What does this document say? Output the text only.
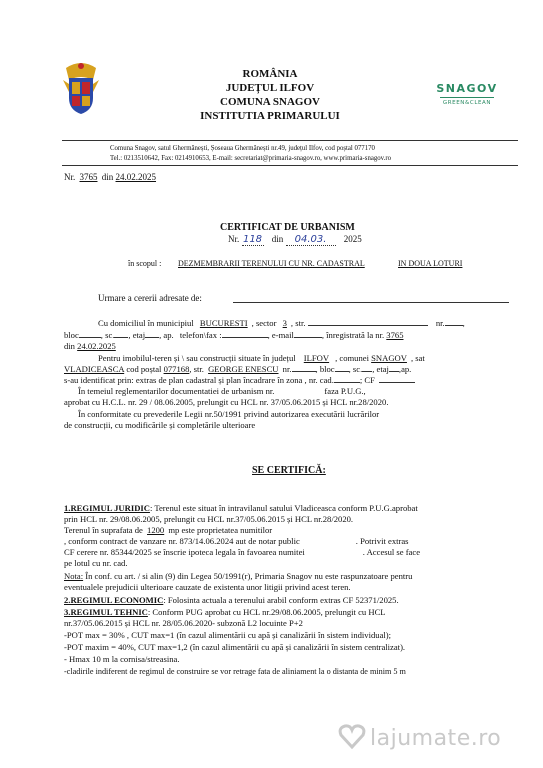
ROMÂNIA
JUDEȚUL ILFOV
COMUNA SNAGOV
INSTITUTIA PRIMARULUI
SNAGOV
GREEN&CLEAN
Comuna Snagov, satul Ghermănești, Șoseaua Ghermănești nr.49, județul Ilfov, cod poștal 077170
Tel.: 0213510642, Fax: 0214910653, E-mail: secretariat@primaria-snagov.ro, www.primaria-snagov.ro
Nr. 3765 din 24.02.2025
CERTIFICAT DE URBANISM
Nr. 118 din 04.03. 2025
în scopul : DEZMEMBRARII TERENULUI CU NR. CADASTRAL	IN DOUA LOTURI
Urmare a cererii adresate de:
Cu domiciliul în municipiul BUCURESTI , sector 3 , str.	nr. ,
bloc	, sc. , etaj , ap. telefon\fax :	, e-mail	, înregistrată la nr. 3765
din 24.02.2025
Pentru imobilul-teren și \ sau construcții situate în județul ILFOV , comunei SNAGOV , sat
VLADICEASCA cod poștal 077168, str. GEORGE ENESCU nr.	, bloc , sc. , etaj ,ap.
s-au identificat prin: extras de plan cadastral și plan încadrare în zona , nr. cad.	; CF
În temeiul reglementarilor documentatiei de urbanism nr.	faza P.U.G.,
aprobat cu H.C.L. nr. 29 / 08.06.2005, prelungit cu HCL nr. 37/05.06.2015 și HCL nr.28/2020.
În conformitate cu prevederile Legii nr.50/1991 privind autorizarea executării lucrărilor
de construcții, cu modificările și completările ulterioare
SE CERTIFICĂ:
1.REGIMUL JURIDIC: Terenul este situat în intravilanul satului Vladiceasca conform P.U.G.aprobat
prin HCL nr. 29/08.06.2005, prelungit cu HCL nr.37/05.06.2015 și HCL nr.28/2020.
Terenul în suprafata de 1200 mp este proprietatea numitilor
, conform contract de vanzare nr. 873/14.06.2024 aut de notar public	. Potrivit extras
CF cerere nr. 85344/2025 se înscrie ipoteca legala în favoarea numitei	. Accesul se face
pe lotul cu nr. cad.
Nota: În conf. cu art. / si alin (9) din Legea 50/1991(r), Primaria Snagov nu este raspunzatoare pentru
eventualele prejudicii ulterioare cauzate de existenta unor litigii privind acest teren.
2.REGIMUL ECONOMIC: Folosinta actuala a terenului arabil conform extras CF 52371/2025.
3.REGIMUL TEHNIC: Conform PUG aprobat cu HCL nr.29/08.06.2005, prelungit cu HCL
nr.37/05.06.2015 și HCL nr. 28/05.06.2020- subzonă L2 locuinte P+2
-POT max = 30% , CUT max=1 (în cazul alimentării cu apă și canalizării în sistem individual);
-POT maxim = 40%, CUT max=1,2 (în cazul alimentării cu apă și canalizării în sistem centralizat).
- Hmax 10 m la cornisa/streasina.
-cladirile indiferent de regimul de construire se vor retrage fata de aliniament la o distanta de minim 5 m
lajumate.ro
